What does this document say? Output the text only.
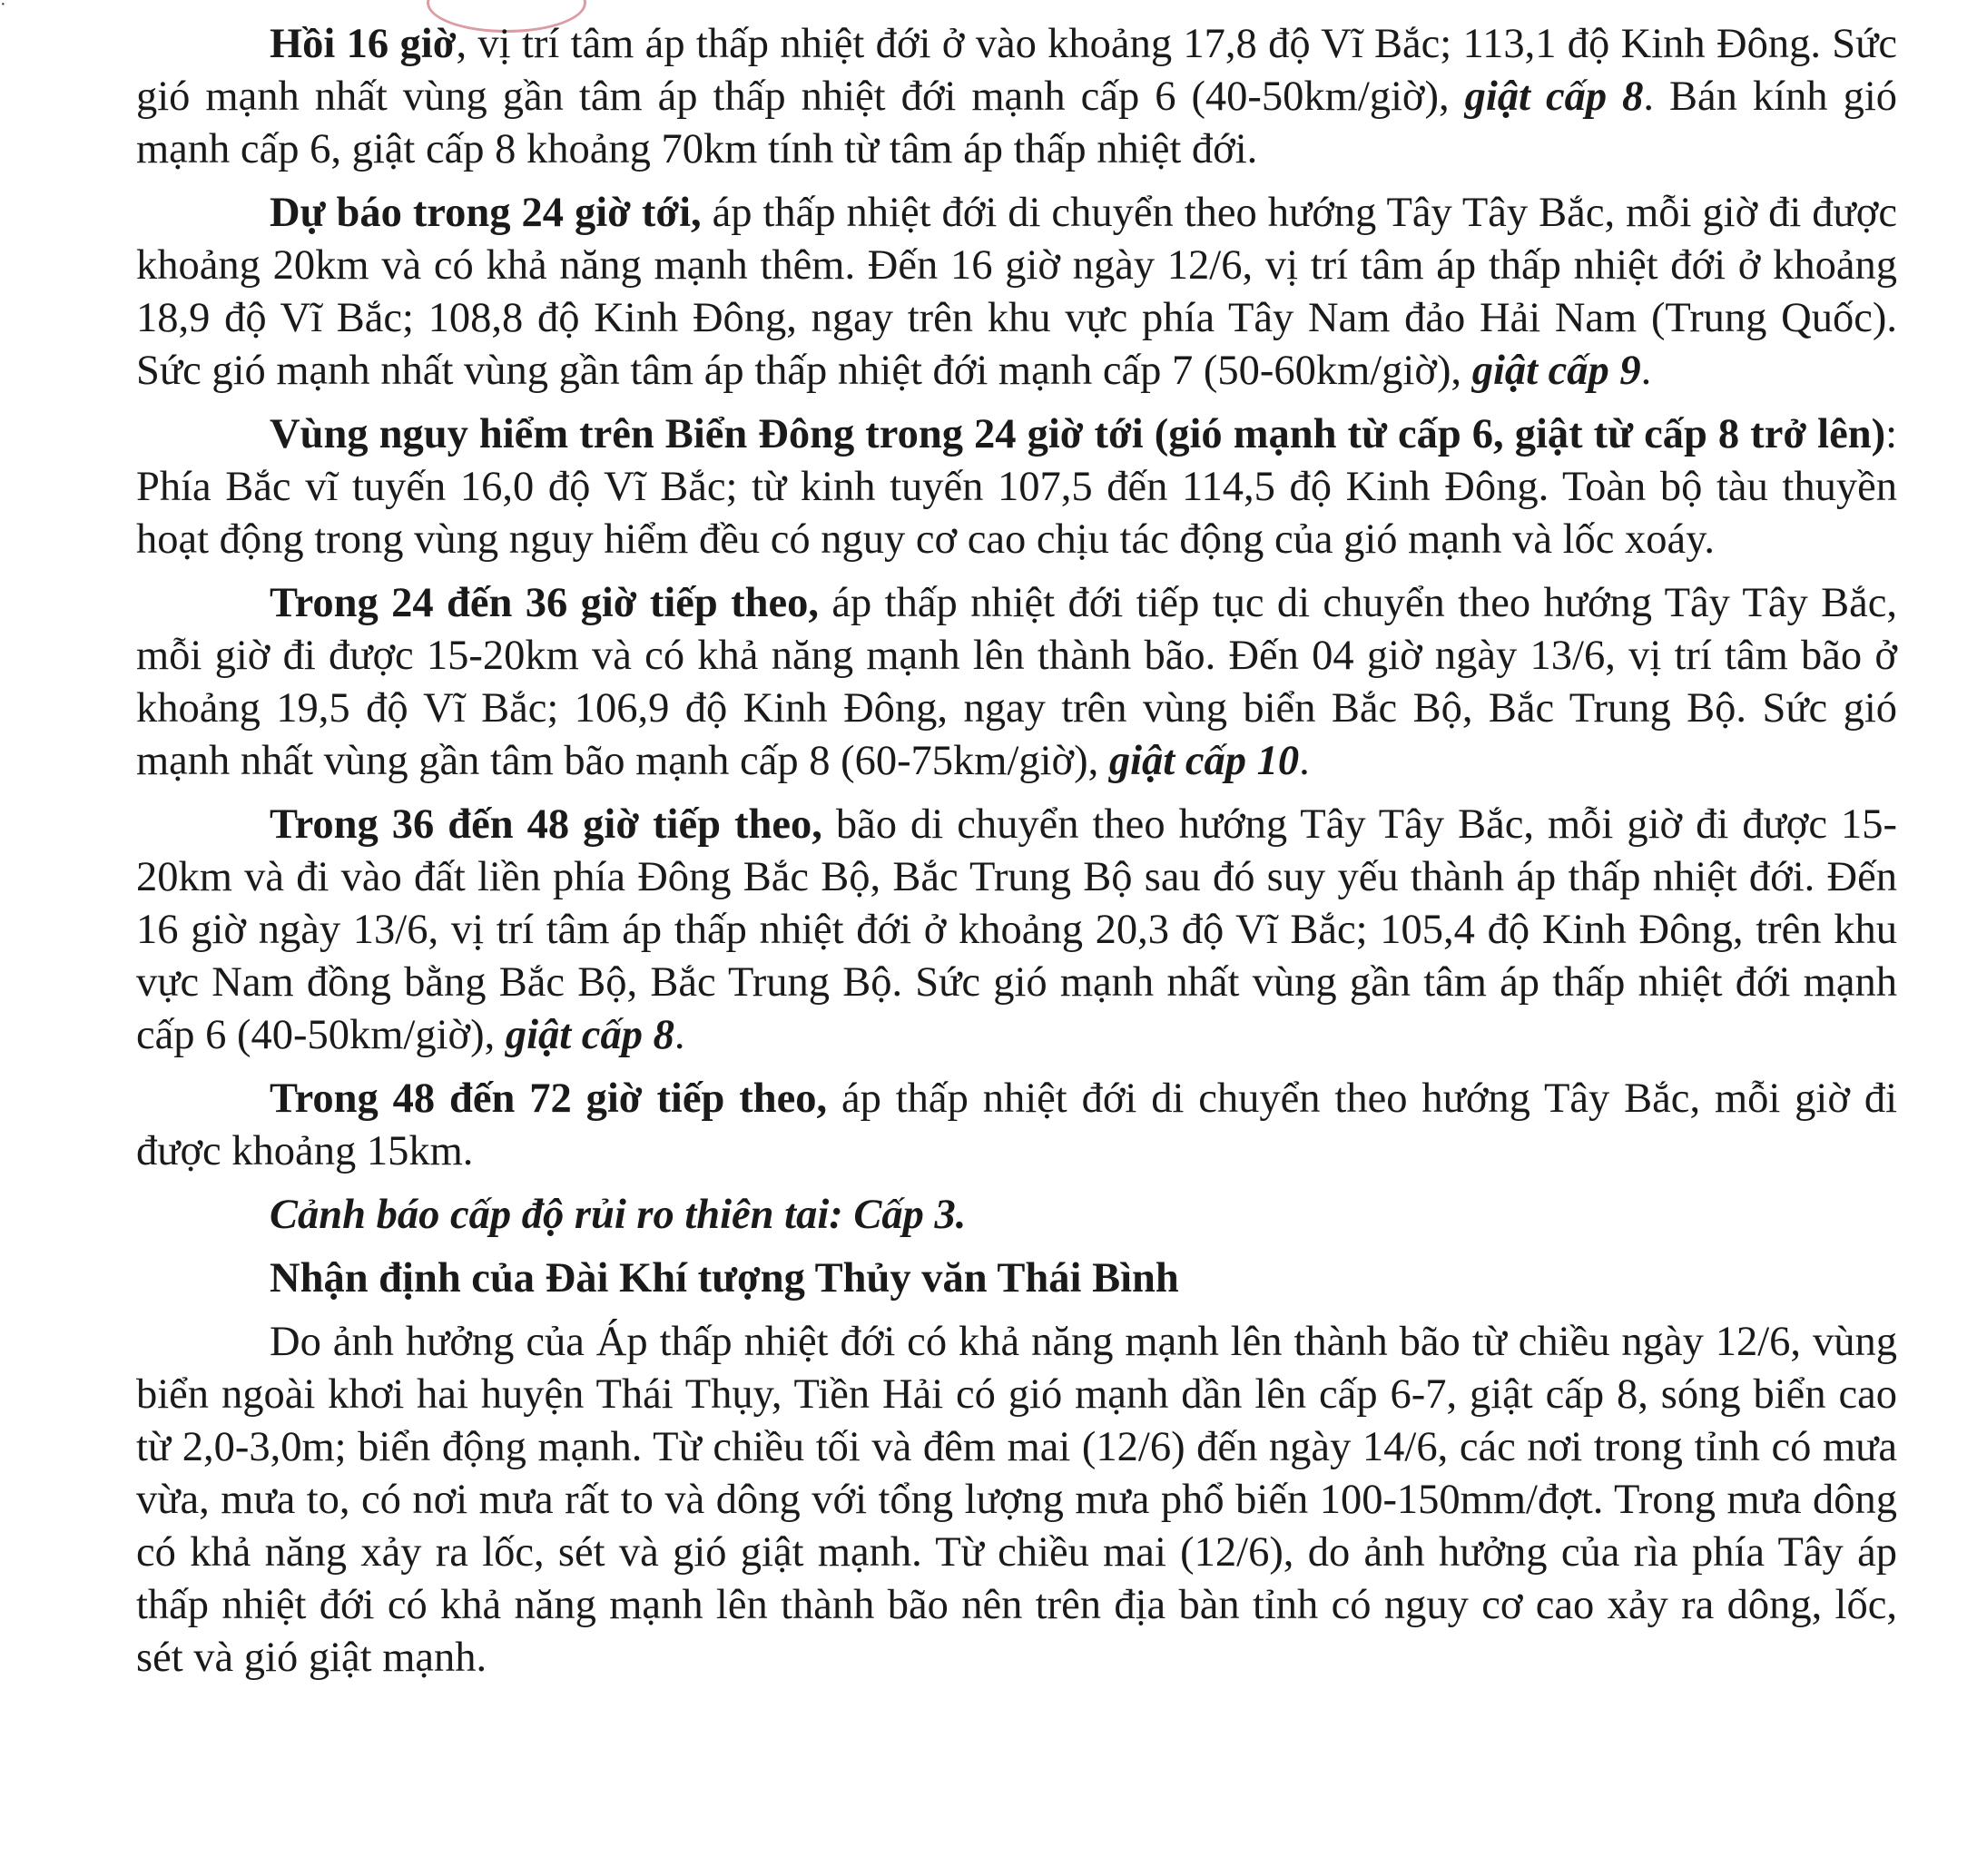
·

Hồi 16 giờ, vị trí tâm áp thấp nhiệt đới ở vào khoảng 17,8 độ Vĩ Bắc; 113,1 độ Kinh Đông. Sức gió mạnh nhất vùng gần tâm áp thấp nhiệt đới mạnh cấp 6 (40-50km/giờ), giật cấp 8. Bán kính gió mạnh cấp 6, giật cấp 8 khoảng 70km tính từ tâm áp thấp nhiệt đới.

Dự báo trong 24 giờ tới, áp thấp nhiệt đới di chuyển theo hướng Tây Tây Bắc, mỗi giờ đi được khoảng 20km và có khả năng mạnh thêm. Đến 16 giờ ngày 12/6, vị trí tâm áp thấp nhiệt đới ở khoảng 18,9 độ Vĩ Bắc; 108,8 độ Kinh Đông, ngay trên khu vực phía Tây Nam đảo Hải Nam (Trung Quốc). Sức gió mạnh nhất vùng gần tâm áp thấp nhiệt đới mạnh cấp 7 (50-60km/giờ), giật cấp 9.

Vùng nguy hiểm trên Biển Đông trong 24 giờ tới (gió mạnh từ cấp 6, giật từ cấp 8 trở lên): Phía Bắc vĩ tuyến 16,0 độ Vĩ Bắc; từ kinh tuyến 107,5 đến 114,5 độ Kinh Đông. Toàn bộ tàu thuyền hoạt động trong vùng nguy hiểm đều có nguy cơ cao chịu tác động của gió mạnh và lốc xoáy.

Trong 24 đến 36 giờ tiếp theo, áp thấp nhiệt đới tiếp tục di chuyển theo hướng Tây Tây Bắc, mỗi giờ đi được 15-20km và có khả năng mạnh lên thành bão. Đến 04 giờ ngày 13/6, vị trí tâm bão ở khoảng 19,5 độ Vĩ Bắc; 106,9 độ Kinh Đông, ngay trên vùng biển Bắc Bộ, Bắc Trung Bộ. Sức gió mạnh nhất vùng gần tâm bão mạnh cấp 8 (60-75km/giờ), giật cấp 10.

Trong 36 đến 48 giờ tiếp theo, bão di chuyển theo hướng Tây Tây Bắc, mỗi giờ đi được 15-20km và đi vào đất liền phía Đông Bắc Bộ, Bắc Trung Bộ sau đó suy yếu thành áp thấp nhiệt đới. Đến 16 giờ ngày 13/6, vị trí tâm áp thấp nhiệt đới ở khoảng 20,3 độ Vĩ Bắc; 105,4 độ Kinh Đông, trên khu vực Nam đồng bằng Bắc Bộ, Bắc Trung Bộ. Sức gió mạnh nhất vùng gần tâm áp thấp nhiệt đới mạnh cấp 6 (40-50km/giờ), giật cấp 8.

Trong 48 đến 72 giờ tiếp theo, áp thấp nhiệt đới di chuyển theo hướng Tây Bắc, mỗi giờ đi được khoảng 15km.

Cảnh báo cấp độ rủi ro thiên tai: Cấp 3.

Nhận định của Đài Khí tượng Thủy văn Thái Bình

Do ảnh hưởng của Áp thấp nhiệt đới có khả năng mạnh lên thành bão từ chiều ngày 12/6, vùng biển ngoài khơi hai huyện Thái Thụy, Tiền Hải có gió mạnh dần lên cấp 6-7, giật cấp 8, sóng biển cao từ 2,0-3,0m; biển động mạnh. Từ chiều tối và đêm mai (12/6) đến ngày 14/6, các nơi trong tỉnh có mưa vừa, mưa to, có nơi mưa rất to và dông với tổng lượng mưa phổ biến 100-150mm/đợt. Trong mưa dông có khả năng xảy ra lốc, sét và gió giật mạnh. Từ chiều mai (12/6), do ảnh hưởng của rìa phía Tây áp thấp nhiệt đới có khả năng mạnh lên thành bão nên trên địa bàn tỉnh có nguy cơ cao xảy ra dông, lốc, sét và gió giật mạnh.
